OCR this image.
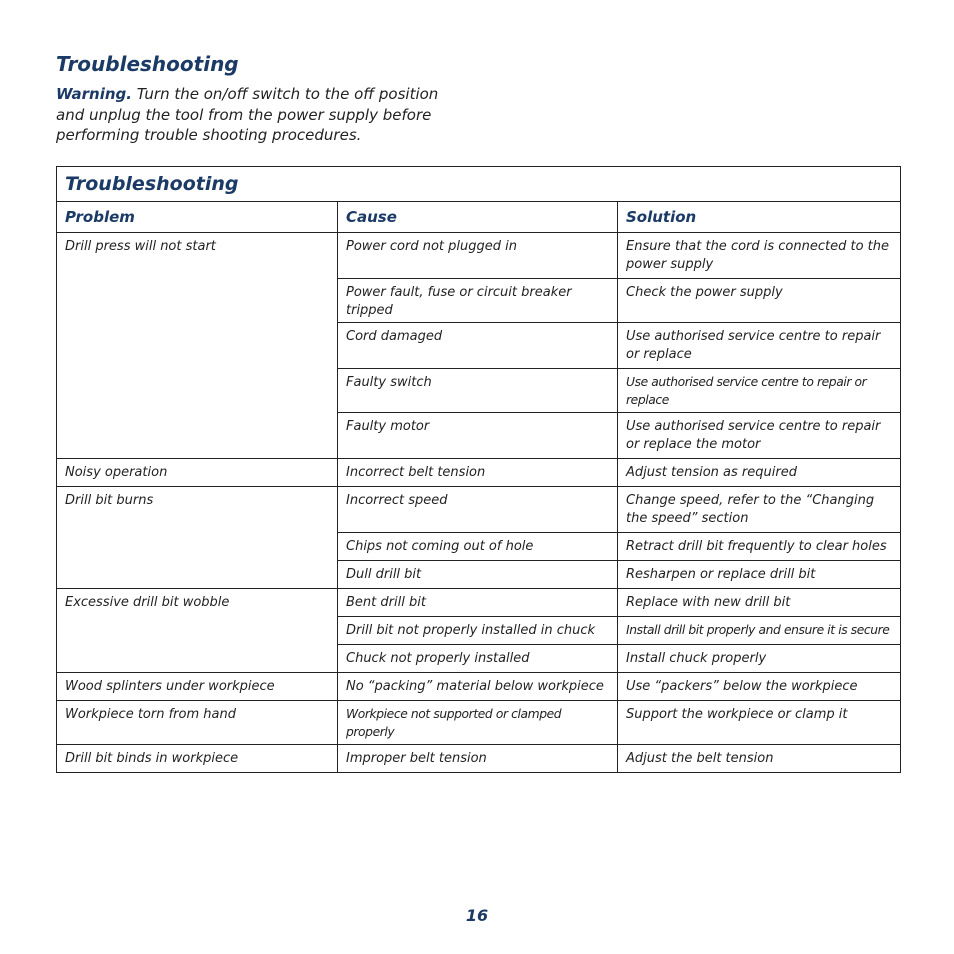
Troubleshooting

Warning. Turn the on/off switch to the off position and unplug the tool from the power supply before performing trouble shooting procedures.

Troubleshooting		
Problem	Cause	Solution
Drill press will not start	Power cord not plugged in	Ensure that the cord is connected to the power supply
	Power fault, fuse or circuit breaker tripped	Check the power supply
	Cord damaged	Use authorised service centre to repair or replace
	Faulty switch	Use authorised service centre to repair or replace
	Faulty motor	Use authorised service centre to repair or replace the motor
Noisy operation	Incorrect belt tension	Adjust tension as required
Drill bit burns	Incorrect speed	Change speed, refer to the “Changing the speed” section
	Chips not coming out of hole	Retract drill bit frequently to clear holes
	Dull drill bit	Resharpen or replace drill bit
Excessive drill bit wobble	Bent drill bit	Replace with new drill bit
	Drill bit not properly installed in chuck	Install drill bit properly and ensure it is secure
	Chuck not properly installed	Install chuck properly
Wood splinters under workpiece	No “packing” material below workpiece	Use “packers” below the workpiece
Workpiece torn from hand	Workpiece not supported or clamped properly	Support the workpiece or clamp it
Drill bit binds in workpiece	Improper belt tension	Adjust the belt tension
16
